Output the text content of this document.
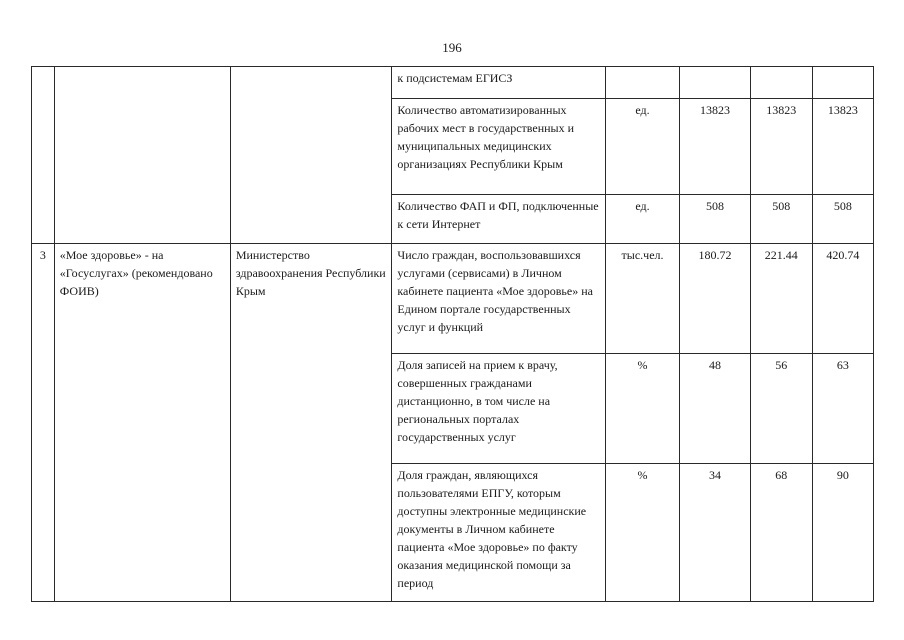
196
			к подсистемам ЕГИСЗ				
			Количество автоматизированных рабочих мест в государственных и муниципальных медицинских организациях Республики Крым	ед.	13823	13823	13823
			Количество ФАП и ФП, подключенные к сети Интернет	ед.	508	508	508
3	«Мое здоровье» - на «Госуслугах» (рекомендовано ФОИВ)	Министерство здравоохранения Республики Крым	Число граждан, воспользовавшихся услугами (сервисами) в Личном кабинете пациента «Мое здоровье» на Едином портале государственных услуг и функций	тыс.чел.	180.72	221.44	420.74
			Доля записей на прием к врачу, совершенных гражданами дистанционно, в том числе на региональных порталах государственных услуг	%	48	56	63
			Доля граждан, являющихся пользователями ЕПГУ, которым доступны электронные медицинские документы в Личном кабинете пациента «Мое здоровье» по факту оказания медицинской помощи за период	%	34	68	90
